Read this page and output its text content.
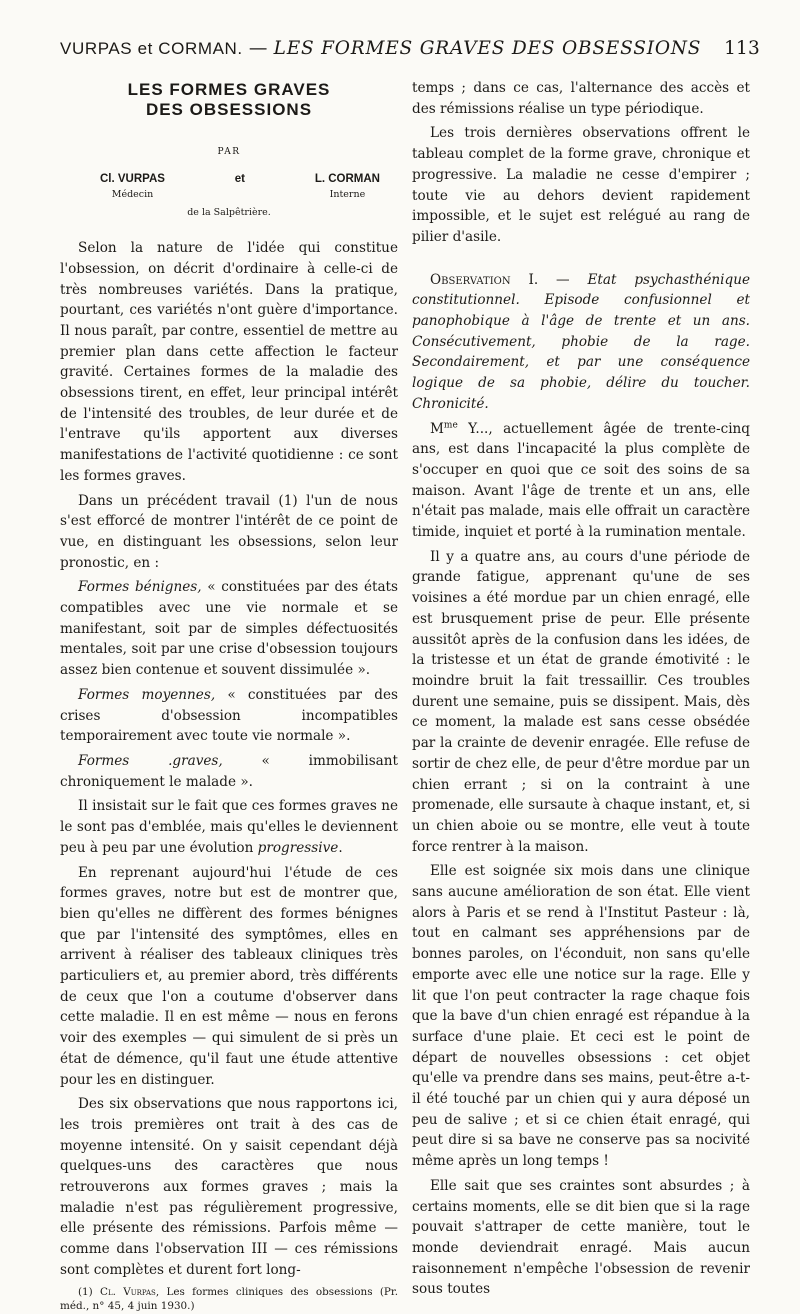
VURPAS et CORMAN. — LES FORMES GRAVES DES OBSESSIONS 113
LES FORMES GRAVES
DES OBSESSIONS
PAR
Cl. VURPAS
Médecin
et	L. CORMAN
Interne
de la Salpêtrière.

Selon la nature de l'idée qui constitue l'obsession, on décrit d'ordinaire à celle-ci de très nombreuses variétés. Dans la pratique, pourtant, ces variétés n'ont guère d'importance. Il nous paraît, par contre, essentiel de mettre au premier plan dans cette affection le facteur gravité. Certaines formes de la maladie des obsessions tirent, en effet, leur principal intérêt de l'intensité des troubles, de leur durée et de l'entrave qu'ils apportent aux diverses manifestations de l'activité quotidienne : ce sont les formes graves.

Dans un précédent travail (1) l'un de nous s'est efforcé de montrer l'intérêt de ce point de vue, en distinguant les obsessions, selon leur pronostic, en :

Formes bénignes, « constituées par des états compatibles avec une vie normale et se manifestant, soit par de simples défectuosités mentales, soit par une crise d'obsession toujours assez bien contenue et souvent dissimulée ».

Formes moyennes, « constituées par des crises d'obsession incompatibles temporairement avec toute vie normale ».

Formes .graves, « immobilisant chroniquement le malade ».

Il insistait sur le fait que ces formes graves ne le sont pas d'emblée, mais qu'elles le deviennent peu à peu par une évolution progressive.

En reprenant aujourd'hui l'étude de ces formes graves, notre but est de montrer que, bien qu'elles ne diffèrent des formes bénignes que par l'intensité des symptômes, elles en arrivent à réaliser des tableaux cliniques très particuliers et, au premier abord, très différents de ceux que l'on a coutume d'observer dans cette maladie. Il en est même — nous en ferons voir des exemples — qui simulent de si près un état de démence, qu'il faut une étude attentive pour les en distinguer.

Des six observations que nous rapportons ici, les trois premières ont trait à des cas de moyenne intensité. On y saisit cependant déjà quelques-uns des caractères que nous retrouverons aux formes graves ; mais la maladie n'est pas régulièrement progressive, elle présente des rémissions. Parfois même — comme dans l'observation III — ces rémissions sont complètes et durent fort long-

(1) Cl. Vurpas, Les formes cliniques des obsessions (Pr. méd., n° 45, 4 juin 1930.)

temps ; dans ce cas, l'alternance des accès et des rémissions réalise un type périodique.

Les trois dernières observations offrent le tableau complet de la forme grave, chronique et progressive. La maladie ne cesse d'empirer ; toute vie au dehors devient rapidement impossible, et le sujet est relégué au rang de pilier d'asile.

Observation I. — Etat psychasthénique constitutionnel. Episode confusionnel et panophobique à l'âge de trente et un ans. Consécutivement, phobie de la rage. Secondairement, et par une conséquence logique de sa phobie, délire du toucher. Chronicité.

$M^{me}$ Y..., actuellement âgée de trente-cinq ans, est dans l'incapacité la plus complète de s'occuper en quoi que ce soit des soins de sa maison. Avant l'âge de trente et un ans, elle n'était pas malade, mais elle offrait un caractère timide, inquiet et porté à la rumination mentale.

Il y a quatre ans, au cours d'une période de grande fatigue, apprenant qu'une de ses voisines a été mordue par un chien enragé, elle est brusquement prise de peur. Elle présente aussitôt après de la confusion dans les idées, de la tristesse et un état de grande émotivité : le moindre bruit la fait tressaillir. Ces troubles durent une semaine, puis se dissipent. Mais, dès ce moment, la malade est sans cesse obsédée par la crainte de devenir enragée. Elle refuse de sortir de chez elle, de peur d'être mordue par un chien errant ; si on la contraint à une promenade, elle sursaute à chaque instant, et, si un chien aboie ou se montre, elle veut à toute force rentrer à la maison.

Elle est soignée six mois dans une clinique sans aucune amélioration de son état. Elle vient alors à Paris et se rend à l'Institut Pasteur : là, tout en calmant ses appréhensions par de bonnes paroles, on l'éconduit, non sans qu'elle emporte avec elle une notice sur la rage. Elle y lit que l'on peut contracter la rage chaque fois que la bave d'un chien enragé est répandue à la surface d'une plaie. Et ceci est le point de départ de nouvelles obsessions : cet objet qu'elle va prendre dans ses mains, peut-être a-t-il été touché par un chien qui y aura déposé un peu de salive ; et si ce chien était enragé, qui peut dire si sa bave ne conserve pas sa nocivité même après un long temps !

Elle sait que ses craintes sont absurdes ; à certains moments, elle se dit bien que si la rage pouvait s'attraper de cette manière, tout le monde deviendrait enragé. Mais aucun raisonnement n'empêche l'obsession de revenir sous toutes
